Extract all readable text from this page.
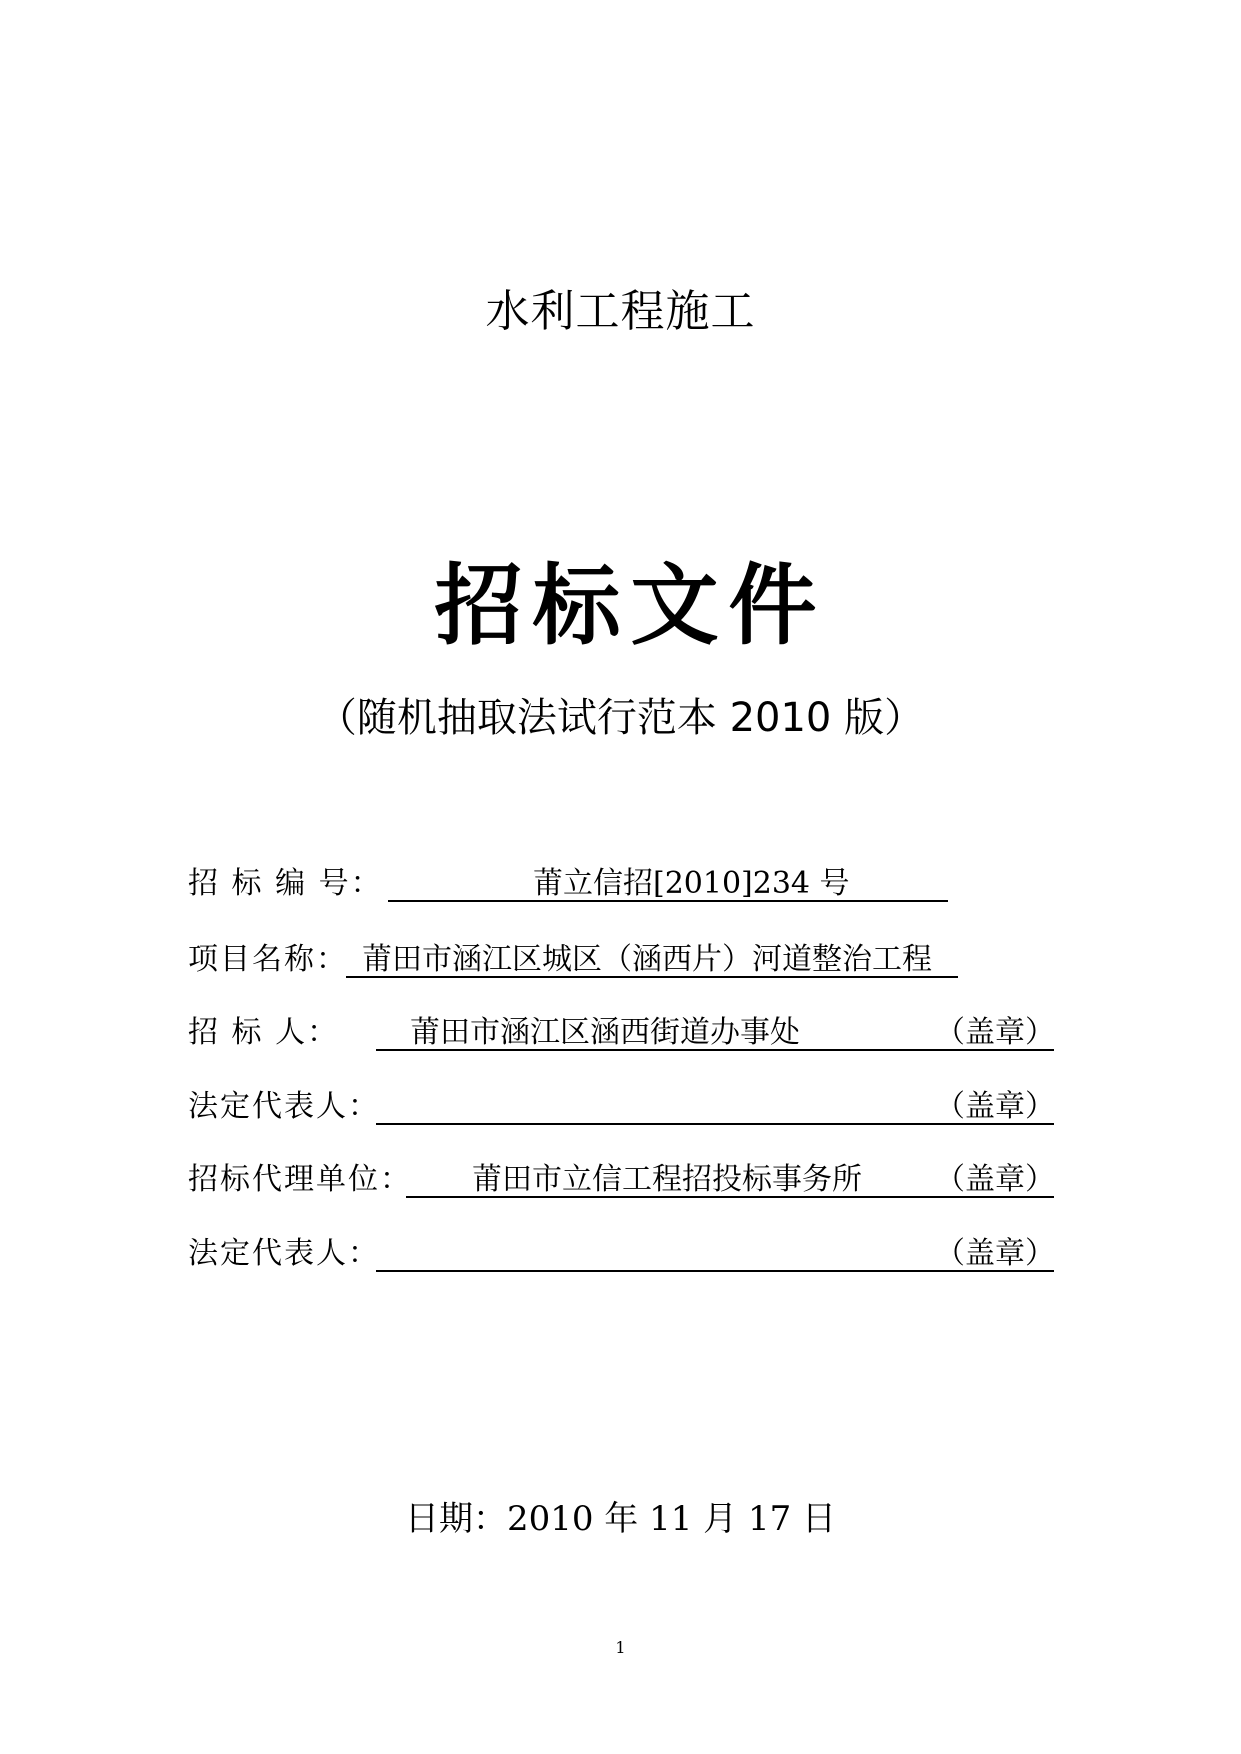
水利工程施工
招标文件
（随机抽取法试行范本 2010 版）
招 标 编 号：	莆立信招[2010]234 号
项目名称： 莆田市涵江区城区（涵西片）河道整治工程
招 标 人： 莆田市涵江区涵西街道办事处	（盖章）
法定代表人：	（盖章）
招标代理单位： 莆田市立信工程招投标事务所 （盖章）
法定代表人：	（盖章）
日期：2010 年 11 月 17 日
1
